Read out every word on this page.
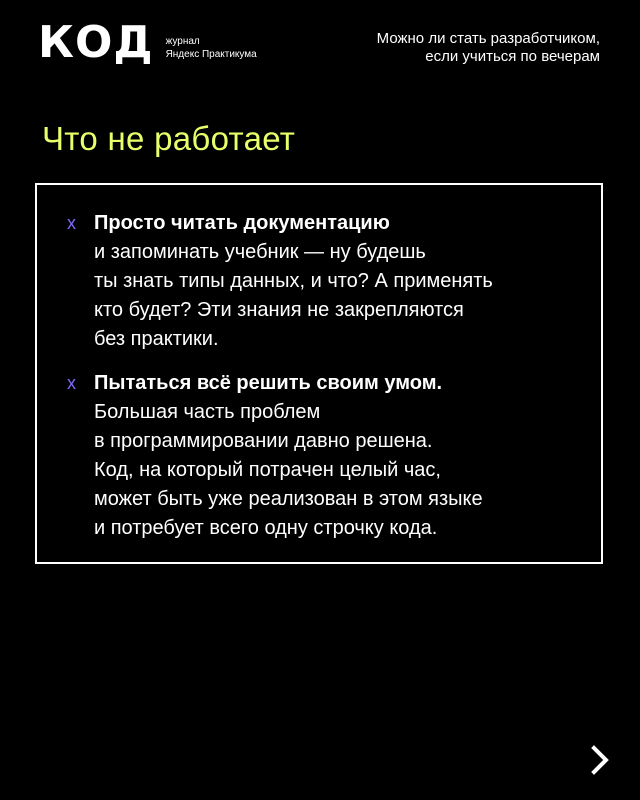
КОД журнал
Яндекс Практикума
Можно ли стать разработчиком,
если учиться по вечерам
Что не работает
x Просто читать документацию
и запоминать учебник — ну будешь
ты знать типы данных, и что? А применять
кто будет? Эти знания не закрепляются
без практики.
x Пытаться всё решить своим умом.
Большая часть проблем
в программировании давно решена.
Код, на который потрачен целый час,
может быть уже реализован в этом языке
и потребует всего одну строчку кода.
